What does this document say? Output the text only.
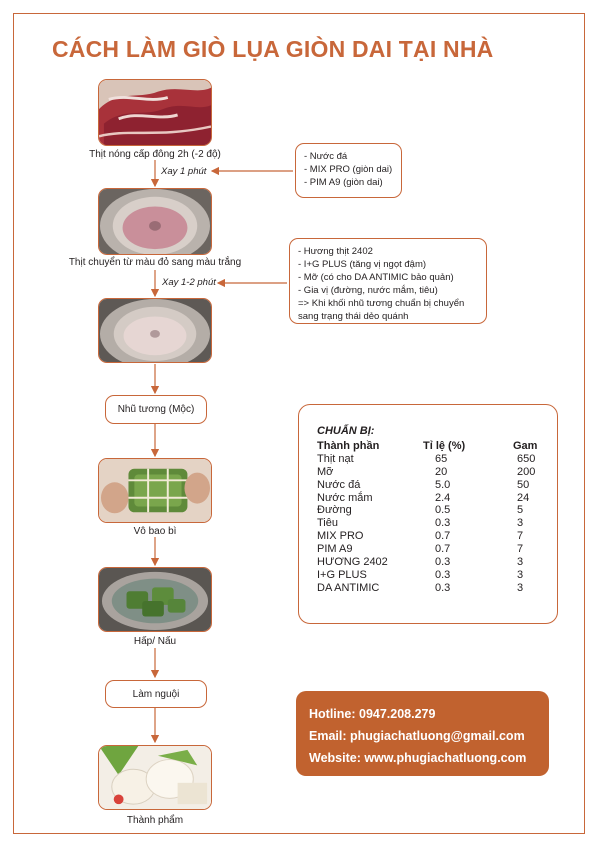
CÁCH LÀM GIÒ LỤA GIÒN DAI TẠI NHÀ
Thịt nóng cấp đông 2h (-2 độ)
Xay 1 phút
- Nước đá
- MIX PRO (giòn dai)
- PIM A9 (giòn dai)
Thịt chuyển từ màu đỏ sang màu trắng
Xay 1-2 phút
- Hương thịt 2402
- I+G PLUS (tăng vị ngọt đậm)
- Mỡ (có cho DA ANTIMIC bảo quản)
- Gia vị (đường, nước mắm, tiêu)
=> Khi khối nhũ tương chuẩn bị chuyển
sang trạng thái dẻo quánh
Nhũ tương (Mộc)
Vô bao bì
Hấp/ Nấu
Làm nguội
Thành phẩm
CHUẨN BỊ:
Thành phần	Tỉ lệ (%)	Gam
Thịt nạt	65	650
Mỡ	20	200
Nước đá	5.0	50
Nước mắm	2.4	24
Đường	0.5	5
Tiêu	0.3	3
MIX PRO	0.7	7
PIM A9	0.7	7
HƯƠNG 2402	0.3	3
I+G PLUS	0.3	3
DA ANTIMIC	0.3	3
Hotline: 0947.208.279
Email: phugiachatluong@gmail.com
Website: www.phugiachatluong.com
